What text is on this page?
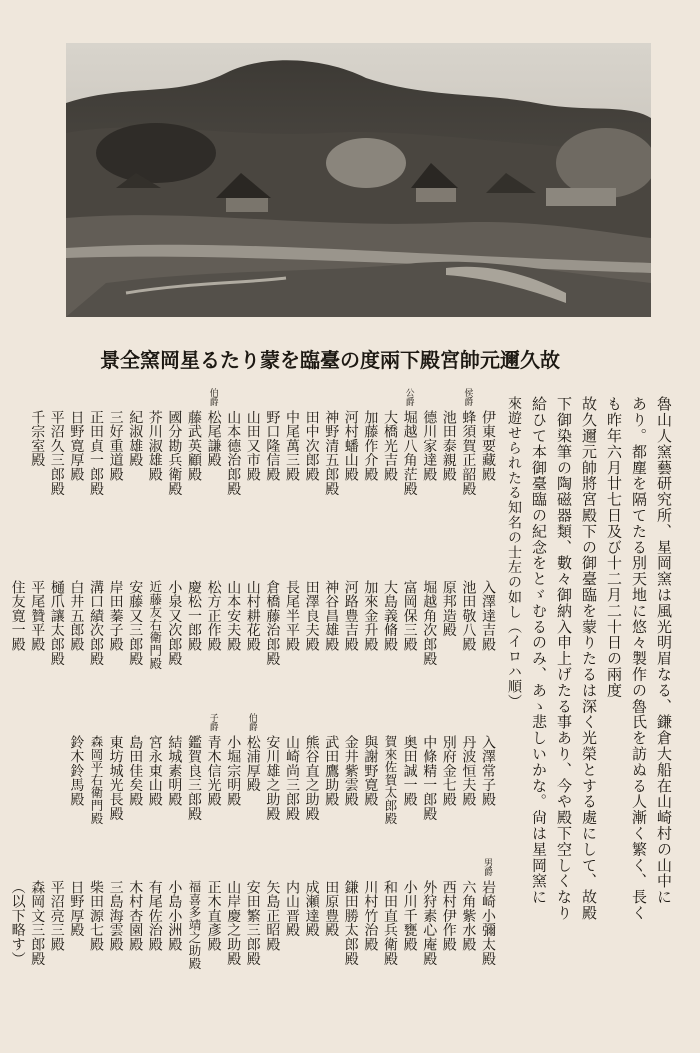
故
久
邇
元
帥
宮
殿
下
兩
度
の
臺
臨
を
蒙
り
た
る
星
岡
窯
全
景
魯山人窯藝研究所、星岡窯は風光明眉なる、鎌倉大船在山崎村の山中に
あり。都塵を隔てたる別天地に悠々製作の魯氏を訪ぬる人漸く繁く、長く
も昨年六月廿七日及び十二月二十日の兩度
故久邇元帥將宮殿下の御臺臨を蒙りたるは深く光榮とする處にして、故殿
下御染筆の陶磁器類、數々御納入申上げたる事あり、今や殿下空しくなり
給ひて本御臺臨の紀念をとゞむるのみ、あゝ悲しいかな。尙は星岡窯に
來遊せられたる知名の士左の如し（イロハ順）
伊東要藏殿
蜂須賀正韶殿
池田泰親殿
德川家達殿
堀越八角茫殿
大橋光吉殿
加藤作介殿
河村蟠山殿
神野清五郎殿
田中次郎殿
中尾萬三殿
野口隆信殿
山田又市殿
山本德治郎殿
松尾謙殿
藤武英顧殿
國分勘兵衛殿
芥川淑雄殿
紀淑雄殿
三好重道殿
正田貞一郎殿
日野寛厚殿
平沼久三郎殿
千宗室殿
入澤達吉殿
池田敬八殿
原邦造殿
堀越角次郎殿
富岡保三殿
大島義脩殿
加來金升殿
河路豊吉殿
神谷昌雄殿
田澤良夫殿
長尾半平殿
倉橋藤治郎殿
山村耕花殿
山本安夫殿
松方正作殿
慶松一郎殿
小泉又次郎殿
近藤友右衛門殿
安藤又三郎殿
岸田蓁子殿
溝口績次郎殿
白井五郎殿
樋爪讓太郎殿
平尾贊平殿
住友寛一殿
入澤常子殿
丹波恒夫殿
別府金七殿
中條精一郎殿
奥田誠一殿
賀來佐賀太郎殿
與謝野寛殿
金井紫雲殿
武田鷹助殿
熊谷直之助殿
山崎尚三郎殿
安川雄之助殿
松浦厚殿
小堀宗明殿
青木信光殿
鑑賀良三郎殿
結城素明殿
宮永東山殿
島田佳矣殿
東坊城光長殿
森岡平右衛門殿
鈴木鈴馬殿
岩崎小彌太殿
六角紫水殿
西村伊作殿
外狩素心庵殿
小川千甕殿
和田直兵衛殿
川村竹治殿
鎌田勝太郎殿
田原豊殿
成瀬達殿
内山晋殿
矢島正昭殿
安田繁三郎殿
山岸慶之助殿
正木直彥殿
福喜多靖之助殿
小島小洲殿
有尾佐治殿
木村杏園殿
三島海雲殿
柴田源七殿
日野厚殿
平沼亮三殿
森岡文三郎殿
（以下略す）
侯爵
公爵
伯爵
伯爵
子爵
男爵
